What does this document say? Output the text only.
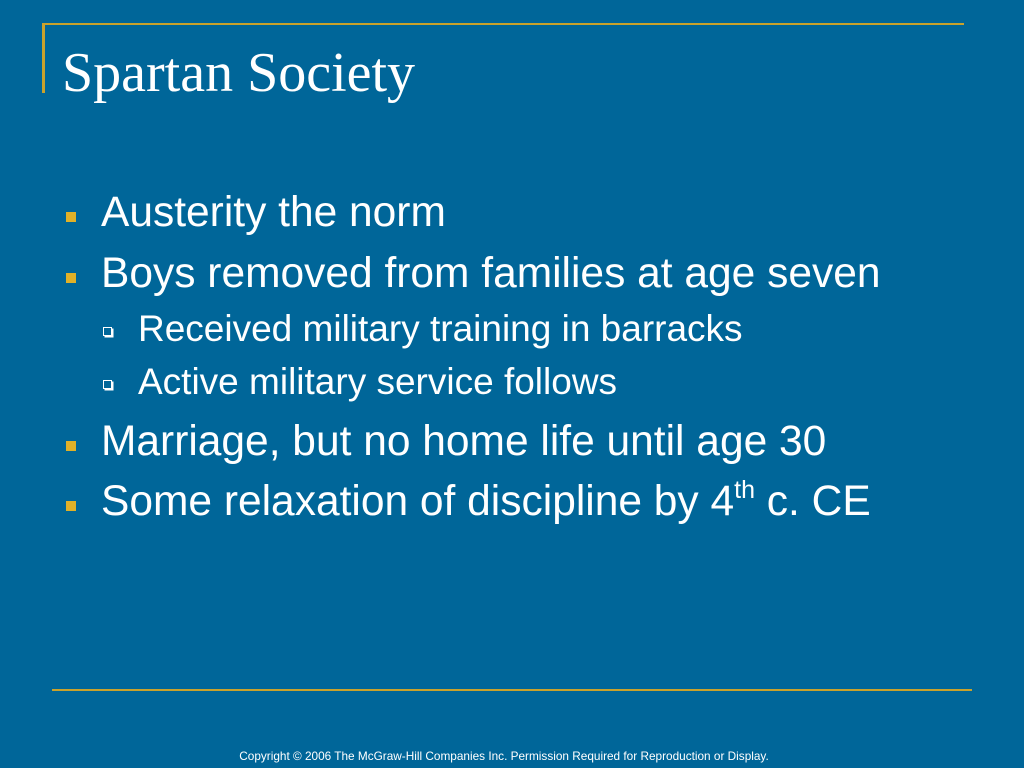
Spartan Society
Austerity the norm
Boys removed from families at age seven
Received military training in barracks
Active military service follows
Marriage, but no home life until age 30
Some relaxation of discipline by 4th c. CE
Copyright © 2006 The McGraw-Hill Companies Inc. Permission Required for Reproduction or Display.
